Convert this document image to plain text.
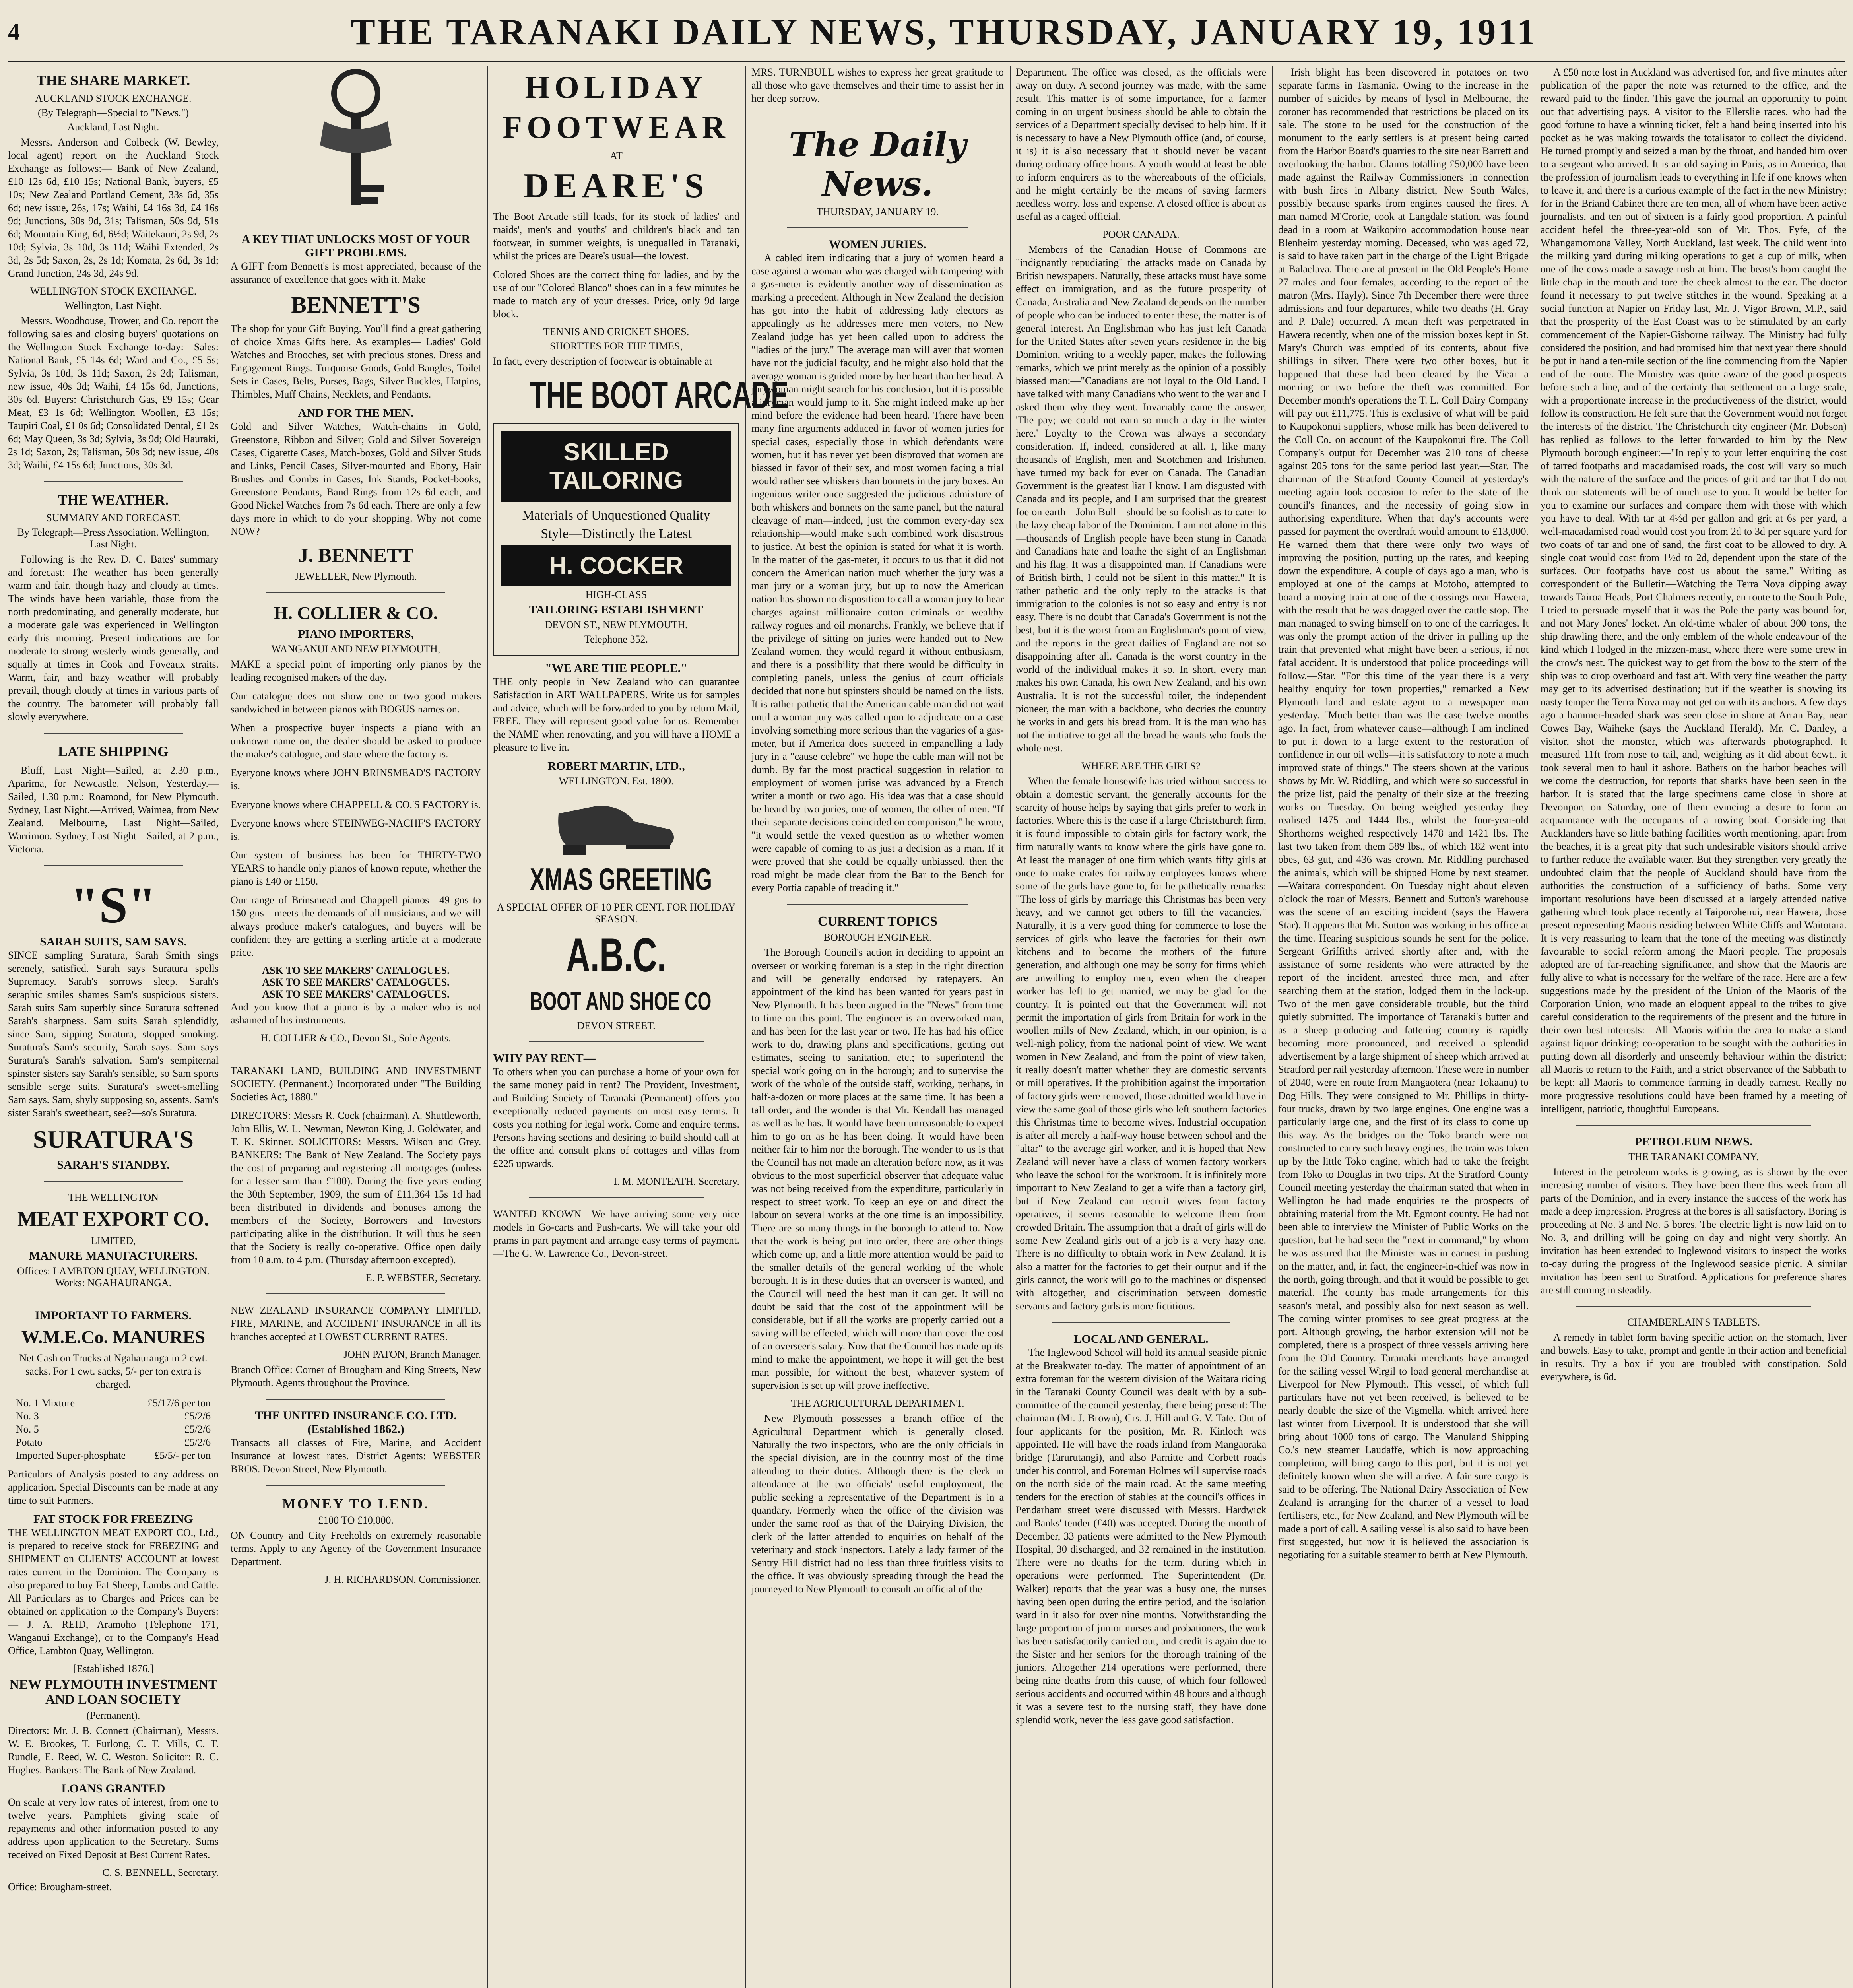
4	THE TARANAKI DAILY NEWS, THURSDAY, JANUARY 19, 1911

THE SHARE MARKET.

AUCKLAND STOCK EXCHANGE.

(By Telegraph—Special to "News.")

Auckland, Last Night.

Messrs. Anderson and Colbeck (W. Bewley, local agent) report on the Auckland Stock Exchange as follows:— Bank of New Zealand, £10 12s 6d, £10 15s; National Bank, buyers, £5 10s; New Zealand Portland Cement, 33s 6d, 35s 6d; new issue, 26s, 17s; Waihi, £4 16s 3d, £4 16s 9d; Junctions, 30s 9d, 31s; Talisman, 50s 9d, 51s 6d; Mountain King, 6d, 6½d; Waitekauri, 2s 9d, 2s 10d; Sylvia, 3s 10d, 3s 11d; Waihi Extended, 2s 3d, 2s 5d; Saxon, 2s, 2s 1d; Komata, 2s 6d, 3s 1d; Grand Junction, 24s 3d, 24s 9d.

WELLINGTON STOCK EXCHANGE.

Wellington, Last Night.

Messrs. Woodhouse, Trower, and Co. report the following sales and closing buyers' quotations on the Wellington Stock Exchange to-day:—Sales: National Bank, £5 14s 6d; Ward and Co., £5 5s; Sylvia, 3s 10d, 3s 11d; Saxon, 2s 2d; Talisman, new issue, 40s 3d; Waihi, £4 15s 6d, Junctions, 30s 6d. Buyers: Christchurch Gas, £9 15s; Gear Meat, £3 1s 6d; Wellington Woollen, £3 15s; Taupiri Coal, £1 0s 6d; Consolidated Dental, £1 2s 6d; May Queen, 3s 3d; Sylvia, 3s 9d; Old Hauraki, 2s 1d; Saxon, 2s; Talisman, 50s 3d; new issue, 40s 3d; Waihi, £4 15s 6d; Junctions, 30s 3d.

THE WEATHER.

SUMMARY AND FORECAST.

By Telegraph—Press Association. Wellington, Last Night.

Following is the Rev. D. C. Bates' summary and forecast: The weather has been generally warm and fair, though hazy and cloudy at times. The winds have been variable, those from the north predominating, and generally moderate, but a moderate gale was experienced in Wellington early this morning. Present indications are for moderate to strong westerly winds generally, and squally at times in Cook and Foveaux straits. Warm, fair, and hazy weather will probably prevail, though cloudy at times in various parts of the country. The barometer will probably fall slowly everywhere.

LATE SHIPPING

Bluff, Last Night—Sailed, at 2.30 p.m., Aparima, for Newcastle. Nelson, Yesterday.—Sailed, 1.30 p.m.: Roamond, for New Plymouth. Sydney, Last Night.—Arrived, Waimea, from New Zealand. Melbourne, Last Night—Sailed, Warrimoo. Sydney, Last Night—Sailed, at 2 p.m., Victoria.

"S"

SARAH SUITS, SAM SAYS.

SINCE sampling Suratura, Sarah Smith sings serenely, satisfied. Sarah says Suratura spells Supremacy. Sarah's sorrows sleep. Sarah's seraphic smiles shames Sam's suspicious sisters. Sarah suits Sam superbly since Suratura softened Sarah's sharpness. Sam suits Sarah splendidly, since Sam, sipping Suratura, stopped smoking. Suratura's Sam's security, Sarah says. Sam says Suratura's Sarah's salvation. Sam's sempiternal spinster sisters say Sarah's sensible, so Sam sports sensible serge suits. Suratura's sweet-smelling Sam says. Sam, shyly supposing so, assents. Sam's sister Sarah's sweetheart, see?—so's Suratura.

SURATURA'S

SARAH'S STANDBY.

THE WELLINGTON

MEAT EXPORT CO.

LIMITED,

MANURE MANUFACTURERS.

Offices: LAMBTON QUAY, WELLINGTON. Works: NGAHAURANGA.

IMPORTANT TO FARMERS.

W.M.E.Co. MANURES

Net Cash on Trucks at Ngahauranga in 2 cwt. sacks. For 1 cwt. sacks, 5/- per ton extra is charged.

No. 1 Mixture	£5/17/6 per ton
No. 3	£5/2/6
No. 5	£5/2/6
Potato	£5/2/6
Imported Super-phosphate	£5/5/- per ton

Particulars of Analysis posted to any address on application. Special Discounts can be made at any time to suit Farmers.

FAT STOCK FOR FREEZING

THE WELLINGTON MEAT EXPORT CO., Ltd., is prepared to receive stock for FREEZING and SHIPMENT on CLIENTS' ACCOUNT at lowest rates current in the Dominion. The Company is also prepared to buy Fat Sheep, Lambs and Cattle. All Particulars as to Charges and Prices can be obtained on application to the Company's Buyers:— J. A. REID, Aramoho (Telephone 171, Wanganui Exchange), or to the Company's Head Office, Lambton Quay, Wellington.

[Established 1876.]

NEW PLYMOUTH INVESTMENT AND LOAN SOCIETY

(Permanent).

Directors: Mr. J. B. Connett (Chairman), Messrs. W. E. Brookes, T. Furlong, C. T. Mills, C. T. Rundle, E. Reed, W. C. Weston. Solicitor: R. C. Hughes. Bankers: The Bank of New Zealand.

LOANS GRANTED

On scale at very low rates of interest, from one to twelve years. Pamphlets giving scale of repayments and other information posted to any address upon application to the Secretary. Sums received on Fixed Deposit at Best Current Rates.

C. S. BENNELL, Secretary.

Office: Brougham-street.

A KEY THAT UNLOCKS MOST OF YOUR GIFT PROBLEMS.

A GIFT from Bennett's is most appreciated, because of the assurance of excellence that goes with it. Make

BENNETT'S

The shop for your Gift Buying. You'll find a great gathering of choice Xmas Gifts here. As examples— Ladies' Gold Watches and Brooches, set with precious stones. Dress and Engagement Rings. Turquoise Goods, Gold Bangles, Toilet Sets in Cases, Belts, Purses, Bags, Silver Buckles, Hatpins, Thimbles, Muff Chains, Necklets, and Pendants.

AND FOR THE MEN.

Gold and Silver Watches, Watch-chains in Gold, Greenstone, Ribbon and Silver; Gold and Silver Sovereign Cases, Cigarette Cases, Match-boxes, Gold and Silver Studs and Links, Pencil Cases, Silver-mounted and Ebony, Hair Brushes and Combs in Cases, Ink Stands, Pocket-books, Greenstone Pendants, Band Rings from 12s 6d each, and Good Nickel Watches from 7s 6d each. There are only a few days more in which to do your shopping. Why not come NOW?

J. BENNETT

JEWELLER, New Plymouth.

H. COLLIER & CO.

PIANO IMPORTERS,

WANGANUI AND NEW PLYMOUTH,

MAKE a special point of importing only pianos by the leading recognised makers of the day.

Our catalogue does not show one or two good makers sandwiched in between pianos with BOGUS names on.

When a prospective buyer inspects a piano with an unknown name on, the dealer should be asked to produce the maker's catalogue, and state where the factory is.

Everyone knows where JOHN BRINSMEAD'S FACTORY is.

Everyone knows where CHAPPELL & CO.'S FACTORY is.

Everyone knows where STEINWEG-NACHF'S FACTORY is.

Our system of business has been for THIRTY-TWO YEARS to handle only pianos of known repute, whether the piano is £40 or £150.

Our range of Brinsmead and Chappell pianos—49 gns to 150 gns—meets the demands of all musicians, and we will always produce maker's catalogues, and buyers will be confident they are getting a sterling article at a moderate price.

ASK TO SEE MAKERS' CATALOGUES.

ASK TO SEE MAKERS' CATALOGUES.

ASK TO SEE MAKERS' CATALOGUES.

And you know that a piano is by a maker who is not ashamed of his instruments.

H. COLLIER & CO., Devon St., Sole Agents.

TARANAKI LAND, BUILDING AND INVESTMENT SOCIETY. (Permanent.) Incorporated under "The Building Societies Act, 1880."

DIRECTORS: Messrs R. Cock (chairman), A. Shuttleworth, John Ellis, W. L. Newman, Newton King, J. Goldwater, and T. K. Skinner. SOLICITORS: Messrs. Wilson and Grey. BANKERS: The Bank of New Zealand. The Society pays the cost of preparing and registering all mortgages (unless for a lesser sum than £100). During the five years ending the 30th September, 1909, the sum of £11,364 15s 1d had been distributed in dividends and bonuses among the members of the Society, Borrowers and Investors participating alike in the distribution. It will thus be seen that the Society is really co-operative. Office open daily from 10 a.m. to 4 p.m. (Thursday afternoon excepted).

E. P. WEBSTER, Secretary.

NEW ZEALAND INSURANCE COMPANY LIMITED. FIRE, MARINE, and ACCIDENT INSURANCE in all its branches accepted at LOWEST CURRENT RATES.

JOHN PATON, Branch Manager.

Branch Office: Corner of Brougham and King Streets, New Plymouth. Agents throughout the Province.

THE UNITED INSURANCE CO. LTD. (Established 1862.)

Transacts all classes of Fire, Marine, and Accident Insurance at lowest rates. District Agents: WEBSTER BROS. Devon Street, New Plymouth.

MONEY TO LEND.

£100 TO £10,000.

ON Country and City Freeholds on extremely reasonable terms. Apply to any Agency of the Government Insurance Department.

J. H. RICHARDSON, Commissioner.

HOLIDAY

FOOTWEAR

AT

DEARE'S

The Boot Arcade still leads, for its stock of ladies' and maids', men's and youths' and children's black and tan footwear, in summer weights, is unequalled in Taranaki, whilst the prices are Deare's usual—the lowest.

Colored Shoes are the correct thing for ladies, and by the use of our "Colored Blanco" shoes can in a few minutes be made to match any of your dresses. Price, only 9d large block.

TENNIS AND CRICKET SHOES.

SHORTTES FOR THE TIMES,

In fact, every description of footwear is obtainable at

THE BOOT ARCADE

SKILLED TAILORING

Materials of Unquestioned Quality

Style—Distinctly the Latest

H. COCKER

HIGH-CLASS

TAILORING ESTABLISHMENT

DEVON ST., NEW PLYMOUTH.

Telephone 352.

"WE ARE THE PEOPLE."

THE only people in New Zealand who can guarantee Satisfaction in ART WALLPAPERS. Write us for samples and advice, which will be forwarded to you by return Mail, FREE. They will represent good value for us. Remember the NAME when renovating, and you will have a HOME a pleasure to live in.

ROBERT MARTIN, LTD.,

WELLINGTON. Est. 1800.

XMAS GREETING

A SPECIAL OFFER OF 10 PER CENT. FOR HOLIDAY SEASON.

A.B.C.

BOOT AND SHOE CO

DEVON STREET.

WHY PAY RENT—

To others when you can purchase a home of your own for the same money paid in rent? The Provident, Investment, and Building Society of Taranaki (Permanent) offers you exceptionally reduced payments on most easy terms. It costs you nothing for legal work. Come and enquire terms. Persons having sections and desiring to build should call at the office and consult plans of cottages and villas from £225 upwards.

I. M. MONTEATH, Secretary.

WANTED KNOWN—We have arriving some very nice models in Go-carts and Push-carts. We will take your old prams in part payment and arrange easy terms of payment.—The G. W. Lawrence Co., Devon-street.

MRS. TURNBULL wishes to express her great gratitude to all those who gave themselves and their time to assist her in her deep sorrow.

The Daily News.

THURSDAY, JANUARY 19.

WOMEN JURIES.

A cabled item indicating that a jury of women heard a case against a woman who was charged with tampering with a gas-meter is evidently another way of dissemination as marking a precedent. Although in New Zealand the decision has got into the habit of addressing lady electors as appealingly as he addresses mere men voters, no New Zealand judge has yet been called upon to address the "ladies of the jury." The average man will aver that women have not the judicial faculty, and he might also hold that the average woman is guided more by her heart than her head. A jurywoman might search for his conclusion, but it is possible a juryman would jump to it. She might indeed make up her mind before the evidence had been heard. There have been many fine arguments adduced in favor of women juries for special cases, especially those in which defendants were women, but it has never yet been disproved that women are biassed in favor of their sex, and most women facing a trial would rather see whiskers than bonnets in the jury boxes. An ingenious writer once suggested the judicious admixture of both whiskers and bonnets on the same panel, but the natural cleavage of man—indeed, just the common every-day sex relationship—would make such combined work disastrous to justice. At best the opinion is stated for what it is worth. In the matter of the gas-meter, it occurs to us that it did not concern the American nation much whether the jury was a man jury or a woman jury, but up to now the American nation has shown no disposition to call a woman jury to hear charges against millionaire cotton criminals or wealthy railway rogues and oil monarchs. Frankly, we believe that if the privilege of sitting on juries were handed out to New Zealand women, they would regard it without enthusiasm, and there is a possibility that there would be difficulty in completing panels, unless the genius of court officials decided that none but spinsters should be named on the lists. It is rather pathetic that the American cable man did not wait until a woman jury was called upon to adjudicate on a case involving something more serious than the vagaries of a gas-meter, but if America does succeed in empanelling a lady jury in a "cause celebre" we hope the cable man will not be dumb. By far the most practical suggestion in relation to employment of women jurise was advanced by a French writer a month or two ago. His idea was that a case should be heard by two juries, one of women, the other of men. "If their separate decisions coincided on comparison," he wrote, "it would settle the vexed question as to whether women were capable of coming to as just a decision as a man. If it were proved that she could be equally unbiassed, then the road might be made clear from the Bar to the Bench for every Portia capable of treading it."

CURRENT TOPICS

BOROUGH ENGINEER.

The Borough Council's action in deciding to appoint an overseer or working foreman is a step in the right direction and will be generally endorsed by ratepayers. An appointment of the kind has been wanted for years past in New Plymouth. It has been argued in the "News" from time to time on this point. The engineer is an overworked man, and has been for the last year or two. He has had his office work to do, drawing plans and specifications, getting out estimates, seeing to sanitation, etc.; to superintend the special work going on in the borough; and to supervise the work of the whole of the outside staff, working, perhaps, in half-a-dozen or more places at the same time. It has been a tall order, and the wonder is that Mr. Kendall has managed as well as he has. It would have been unreasonable to expect him to go on as he has been doing. It would have been neither fair to him nor the borough. The wonder to us is that the Council has not made an alteration before now, as it was obvious to the most superficial observer that adequate value was not being received from the expenditure, particularly in respect to street work. To keep an eye on and direct the labour on several works at the one time is an impossibility. There are so many things in the borough to attend to. Now that the work is being put into order, there are other things which come up, and a little more attention would be paid to the smaller details of the general working of the whole borough. It is in these duties that an overseer is wanted, and the Council will need the best man it can get. It will no doubt be said that the cost of the appointment will be considerable, but if all the works are properly carried out a saving will be effected, which will more than cover the cost of an overseer's salary. Now that the Council has made up its mind to make the appointment, we hope it will get the best man possible, for without the best, whatever system of supervision is set up will prove ineffective.

THE AGRICULTURAL DEPARTMENT.

New Plymouth possesses a branch office of the Agricultural Department which is generally closed. Naturally the two inspectors, who are the only officials in the special division, are in the country most of the time attending to their duties. Although there is the clerk in attendance at the two officials' useful employment, the public seeking a representative of the Department is in a quandary. Formerly when the office of the division was under the same roof as that of the Dairying Division, the clerk of the latter attended to enquiries on behalf of the veterinary and stock inspectors. Lately a lady farmer of the Sentry Hill district had no less than three fruitless visits to the office. It was obviously spreading through the head the journeyed to New Plymouth to consult an official of the

Department. The office was closed, as the officials were away on duty. A second journey was made, with the same result. This matter is of some importance, for a farmer coming in on urgent business should be able to obtain the services of a Department specially devised to help him. If it is necessary to have a New Plymouth office (and, of course, it is) it is also necessary that it should never be vacant during ordinary office hours. A youth would at least be able to inform enquirers as to the whereabouts of the officials, and he might certainly be the means of saving farmers needless worry, loss and expense. A closed office is about as useful as a caged official.

POOR CANADA.

Members of the Canadian House of Commons are "indignantly repudiating" the attacks made on Canada by British newspapers. Naturally, these attacks must have some effect on immigration, and as the future prosperity of Canada, Australia and New Zealand depends on the number of people who can be induced to enter these, the matter is of general interest. An Englishman who has just left Canada for the United States after seven years residence in the big Dominion, writing to a weekly paper, makes the following remarks, which we print merely as the opinion of a possibly biassed man:—"Canadians are not loyal to the Old Land. I have talked with many Canadians who went to the war and I asked them why they went. Invariably came the answer, 'The pay; we could not earn so much a day in the winter here.' Loyalty to the Crown was always a secondary consideration. If, indeed, considered at all. I, like many thousands of English, men and Scotchmen and Irishmen, have turned my back for ever on Canada. The Canadian Government is the greatest liar I know. I am disgusted with Canada and its people, and I am surprised that the greatest foe on earth—John Bull—should be so foolish as to cater to the lazy cheap labor of the Dominion. I am not alone in this—thousands of English people have been stung in Canada and Canadians hate and loathe the sight of an Englishman and his flag. It was a disappointed man. If Canadians were of British birth, I could not be silent in this matter." It is rather pathetic and the only reply to the attacks is that immigration to the colonies is not so easy and entry is not easy. There is no doubt that Canada's Government is not the best, but it is the worst from an Englishman's point of view, and the reports in the great dailies of England are not so disappointing after all. Canada is the worst country in the world of the individual makes it so. In short, every man makes his own Canada, his own New Zealand, and his own Australia. It is not the successful toiler, the independent pioneer, the man with a backbone, who decries the country he works in and gets his bread from. It is the man who has not the initiative to get all the bread he wants who fouls the whole nest.

WHERE ARE THE GIRLS?

When the female housewife has tried without success to obtain a domestic servant, the generally accounts for the scarcity of house helps by saying that girls prefer to work in factories. Where this is the case if a large Christchurch firm, it is found impossible to obtain girls for factory work, the firm naturally wants to know where the girls have gone to. At least the manager of one firm which wants fifty girls at once to make crates for railway employees knows where some of the girls have gone to, for he pathetically remarks: "The loss of girls by marriage this Christmas has been very heavy, and we cannot get others to fill the vacancies." Naturally, it is a very good thing for commerce to lose the services of girls who leave the factories for their own kitchens and to become the mothers of the future generation, and although one may be sorry for firms which are unwilling to employ men, even when the cheaper worker has left to get married, we may be glad for the country. It is pointed out that the Government will not permit the importation of girls from Britain for work in the woollen mills of New Zealand, which, in our opinion, is a well-nigh policy, from the national point of view. We want women in New Zealand, and from the point of view taken, it really doesn't matter whether they are domestic servants or mill operatives. If the prohibition against the importation of factory girls were removed, those admitted would have in view the same goal of those girls who left southern factories this Christmas time to become wives. Industrial occupation is after all merely a half-way house between school and the "altar" to the average girl worker, and it is hoped that New Zealand will never have a class of women factory workers who leave the school for the workroom. It is infinitely more important to New Zealand to get a wife than a factory girl, but if New Zealand can recruit wives from factory operatives, it seems reasonable to welcome them from crowded Britain. The assumption that a draft of girls will do some New Zealand girls out of a job is a very hazy one. There is no difficulty to obtain work in New Zealand. It is also a matter for the factories to get their output and if the girls cannot, the work will go to the machines or dispensed with altogether, and discrimination between domestic servants and factory girls is more fictitious.

LOCAL AND GENERAL.

The Inglewood School will hold its annual seaside picnic at the Breakwater to-day. The matter of appointment of an extra foreman for the western division of the Waitara riding in the Taranaki County Council was dealt with by a sub-committee of the council yesterday, there being present: The chairman (Mr. J. Brown), Crs. J. Hill and G. V. Tate. Out of four applicants for the position, Mr. R. Kinloch was appointed. He will have the roads inland from Mangaoraka bridge (Tarurutangi), and also Parnitte and Corbett roads under his control, and Foreman Holmes will supervise roads on the north side of the main road. At the same meeting tenders for the erection of stables at the council's offices in Pendarham street were discussed with Messrs. Hardwick and Banks' tender (£40) was accepted. During the month of December, 33 patients were admitted to the New Plymouth Hospital, 30 discharged, and 32 remained in the institution. There were no deaths for the term, during which in operations were performed. The Superintendent (Dr. Walker) reports that the year was a busy one, the nurses having been open during the entire period, and the isolation ward in it also for over nine months. Notwithstanding the large proportion of junior nurses and probationers, the work has been satisfactorily carried out, and credit is again due to the Sister and her seniors for the thorough training of the juniors. Altogether 214 operations were performed, there being nine deaths from this cause, of which four followed serious accidents and occurred within 48 hours and although it was a severe test to the nursing staff, they have done splendid work, never the less gave good satisfaction.

Irish blight has been discovered in potatoes on two separate farms in Tasmania. Owing to the increase in the number of suicides by means of lysol in Melbourne, the coroner has recommended that restrictions be placed on its sale. The stone to be used for the construction of the monument to the early settlers is at present being carted from the Harbor Board's quarries to the site near Barrett and overlooking the harbor. Claims totalling £50,000 have been made against the Railway Commissioners in connection with bush fires in Albany district, New South Wales, possibly because sparks from engines caused the fires. A man named M'Crorie, cook at Langdale station, was found dead in a room at Waikopiro accommodation house near Blenheim yesterday morning. Deceased, who was aged 72, is said to have taken part in the charge of the Light Brigade at Balaclava. There are at present in the Old People's Home 27 males and four females, according to the report of the matron (Mrs. Hayly). Since 7th December there were three admissions and four departures, while two deaths (H. Gray and P. Dale) occurred. A mean theft was perpetrated in Hawera recently, when one of the mission boxes kept in St. Mary's Church was emptied of its contents, about five shillings in silver. There were two other boxes, but it happened that these had been cleared by the Vicar a morning or two before the theft was committed. For December month's operations the T. L. Coll Dairy Company will pay out £11,775. This is exclusive of what will be paid to Kaupokonui suppliers, whose milk has been delivered to the Coll Co. on account of the Kaupokonui fire. The Coll Company's output for December was 210 tons of cheese against 205 tons for the same period last year.—Star. The chairman of the Stratford County Council at yesterday's meeting again took occasion to refer to the state of the council's finances, and the necessity of going slow in authorising expenditure. When that day's accounts were passed for payment the overdraft would amount to £13,000. He warned them that there were only two ways of improving the position, putting up the rates, and keeping down the expenditure. A couple of days ago a man, who is employed at one of the camps at Motoho, attempted to board a moving train at one of the crossings near Hawera, with the result that he was dragged over the cattle stop. The man managed to swing himself on to one of the carriages. It was only the prompt action of the driver in pulling up the train that prevented what might have been a serious, if not fatal accident. It is understood that police proceedings will follow.—Star. "For this time of the year there is a very healthy enquiry for town properties," remarked a New Plymouth land and estate agent to a newspaper man yesterday. "Much better than was the case twelve months ago. In fact, from whatever cause—although I am inclined to put it down to a large extent to the restoration of confidence in our oil wells—it is satisfactory to note a much improved state of things." The steers shown at the various shows by Mr. W. Riddling, and which were so successful in the prize list, paid the penalty of their size at the freezing works on Tuesday. On being weighed yesterday they realised 1475 and 1444 lbs., whilst the four-year-old Shorthorns weighed respectively 1478 and 1421 lbs. The last two taken from them 589 lbs., of which 182 went into obes, 63 gut, and 436 was crown. Mr. Riddling purchased the animals, which will be shipped Home by next steamer.—Waitara correspondent. On Tuesday night about eleven o'clock the roar of Messrs. Bennett and Sutton's warehouse was the scene of an exciting incident (says the Hawera Star). It appears that Mr. Sutton was working in his office at the time. Hearing suspicious sounds he sent for the police. Sergeant Griffiths arrived shortly after and, with the assistance of some residents who were attracted by the report of the incident, arrested three men, and after searching them at the station, lodged them in the lock-up. Two of the men gave considerable trouble, but the third quietly submitted. The importance of Taranaki's butter and as a sheep producing and fattening country is rapidly becoming more pronounced, and received a splendid advertisement by a large shipment of sheep which arrived at Stratford per rail yesterday afternoon. These were in number of 2040, were en route from Mangaotera (near Tokaanu) to Dog Hills. They were consigned to Mr. Phillips in thirty-four trucks, drawn by two large engines. One engine was a particularly large one, and the first of its class to come up this way. As the bridges on the Toko branch were not constructed to carry such heavy engines, the train was taken up by the little Toko engine, which had to take the freight from Toko to Douglas in two trips. At the Stratford County Council meeting yesterday the chairman stated that when in Wellington he had made enquiries re the prospects of obtaining material from the Mt. Egmont county. He had not been able to interview the Minister of Public Works on the question, but he had seen the "next in command," by whom he was assured that the Minister was in earnest in pushing on the matter, and, in fact, the engineer-in-chief was now in the north, going through, and that it would be possible to get material. The county has made arrangements for this season's metal, and possibly also for next season as well. The coming winter promises to see great progress at the port. Although growing, the harbor extension will not be completed, there is a prospect of three vessels arriving here from the Old Country. Taranaki merchants have arranged for the sailing vessel Wirgil to load general merchandise at Liverpool for New Plymouth. This vessel, of which full particulars have not yet been received, is believed to be nearly double the size of the Vigmella, which arrived here last winter from Liverpool. It is understood that she will bring about 1000 tons of cargo. The Manuland Shipping Co.'s new steamer Laudaffe, which is now approaching completion, will bring cargo to this port, but it is not yet definitely known when she will arrive. A fair sure cargo is said to be offering. The National Dairy Association of New Zealand is arranging for the charter of a vessel to load fertilisers, etc., for New Zealand, and New Plymouth will be made a port of call. A sailing vessel is also said to have been first suggested, but now it is believed the association is negotiating for a suitable steamer to berth at New Plymouth.

A £50 note lost in Auckland was advertised for, and five minutes after publication of the paper the note was returned to the office, and the reward paid to the finder. This gave the journal an opportunity to point out that advertising pays. A visitor to the Ellerslie races, who had the good fortune to have a winning ticket, felt a hand being inserted into his pocket as he was making towards the totalisator to collect the dividend. He turned promptly and seized a man by the throat, and handed him over to a sergeant who arrived. It is an old saying in Paris, as in America, that the profession of journalism leads to everything in life if one knows when to leave it, and there is a curious example of the fact in the new Ministry; for in the Briand Cabinet there are ten men, all of whom have been active journalists, and ten out of sixteen is a fairly good proportion. A painful accident befel the three-year-old son of Mr. Thos. Fyfe, of the Whangamomona Valley, North Auckland, last week. The child went into the milking yard during milking operations to get a cup of milk, when one of the cows made a savage rush at him. The beast's horn caught the little chap in the mouth and tore the cheek almost to the ear. The doctor found it necessary to put twelve stitches in the wound. Speaking at a social function at Napier on Friday last, Mr. J. Vigor Brown, M.P., said that the prosperity of the East Coast was to be stimulated by an early commencement of the Napier-Gisborne railway. The Ministry had fully considered the position, and had promised him that next year there should be put in hand a ten-mile section of the line commencing from the Napier end of the route. The Ministry was quite aware of the good prospects before such a line, and of the certainty that settlement on a large scale, with a proportionate increase in the productiveness of the district, would follow its construction. He felt sure that the Government would not forget the interests of the district. The Christchurch city engineer (Mr. Dobson) has replied as follows to the letter forwarded to him by the New Plymouth borough engineer:—"In reply to your letter enquiring the cost of tarred footpaths and macadamised roads, the cost will vary so much with the nature of the surface and the prices of grit and tar that I do not think our statements will be of much use to you. It would be better for you to examine our surfaces and compare them with those with which you have to deal. With tar at 4½d per gallon and grit at 6s per yard, a well-macadamised road would cost you from 2d to 3d per square yard for two coats of tar and one of sand, the first coat to be allowed to dry. A single coat would cost from 1½d to 2d, dependent upon the state of the surfaces. Our footpaths have cost us about the same." Writing as correspondent of the Bulletin—Watching the Terra Nova dipping away towards Tairoa Heads, Port Chalmers recently, en route to the South Pole, I tried to persuade myself that it was the Pole the party was bound for, and not Mary Jones' locket. An old-time whaler of about 300 tons, the ship drawling there, and the only emblem of the whole endeavour of the kind which I lodged in the mizzen-mast, where there were some crew in the crow's nest. The quickest way to get from the bow to the stern of the ship was to drop overboard and fast aft. With very fine weather the party may get to its advertised destination; but if the weather is showing its nasty temper the Terra Nova may not get on with its anchors. A few days ago a hammer-headed shark was seen close in shore at Arran Bay, near Cowes Bay, Waiheke (says the Auckland Herald). Mr. C. Danley, a visitor, shot the monster, which was afterwards photographed. It measured 11ft from nose to tail, and, weighing as it did about 6cwt., it took several men to haul it ashore. Bathers on the harbor beaches will welcome the destruction, for reports that sharks have been seen in the harbor. It is stated that the large specimens came close in shore at Devonport on Saturday, one of them evincing a desire to form an acquaintance with the occupants of a rowing boat. Considering that Aucklanders have so little bathing facilities worth mentioning, apart from the beaches, it is a great pity that such undesirable visitors should arrive to further reduce the available water. But they strengthen very greatly the undoubted claim that the people of Auckland should have from the authorities the construction of a sufficiency of baths. Some very important resolutions have been discussed at a largely attended native gathering which took place recently at Taiporohenui, near Hawera, those present representing Maoris residing between White Cliffs and Waitotara. It is very reassuring to learn that the tone of the meeting was distinctly favourable to social reform among the Maori people. The proposals adopted are of far-reaching significance, and show that the Maoris are fully alive to what is necessary for the welfare of the race. Here are a few suggestions made by the president of the Union of the Maoris of the Corporation Union, who made an eloquent appeal to the tribes to give careful consideration to the requirements of the present and the future in their own best interests:—All Maoris within the area to make a stand against liquor drinking; co-operation to be sought with the authorities in putting down all disorderly and unseemly behaviour within the district; all Maoris to return to the Faith, and a strict observance of the Sabbath to be kept; all Maoris to commence farming in deadly earnest. Really no more progressive resolutions could have been framed by a meeting of intelligent, patriotic, thoughtful Europeans.

PETROLEUM NEWS.

THE TARANAKI COMPANY.

Interest in the petroleum works is growing, as is shown by the ever increasing number of visitors. They have been there this week from all parts of the Dominion, and in every instance the success of the work has made a deep impression. Progress at the bores is all satisfactory. Boring is proceeding at No. 3 and No. 5 bores. The electric light is now laid on to No. 3, and drilling will be going on day and night very shortly. An invitation has been extended to Inglewood visitors to inspect the works to-day during the progress of the Inglewood seaside picnic. A similar invitation has been sent to Stratford. Applications for preference shares are still coming in steadily.

CHAMBERLAIN'S TABLETS.

A remedy in tablet form having specific action on the stomach, liver and bowels. Easy to take, prompt and gentle in their action and beneficial in results. Try a box if you are troubled with constipation. Sold everywhere, is 6d.
